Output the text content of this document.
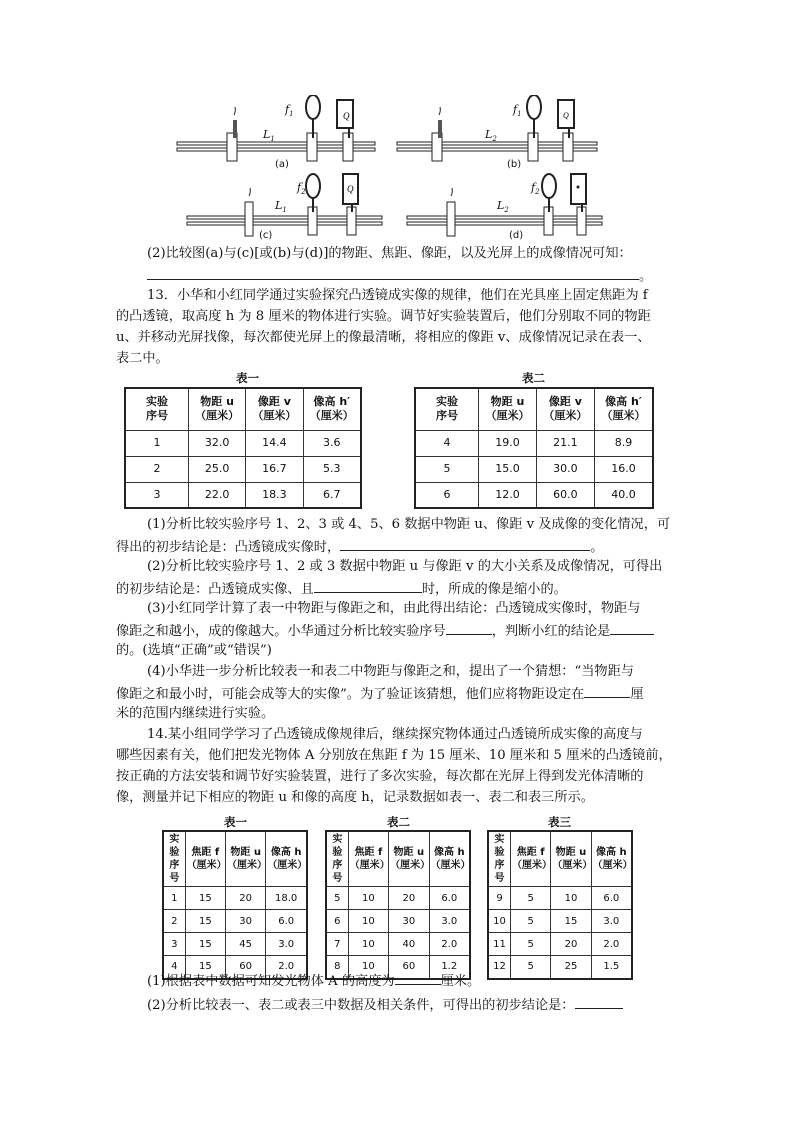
Q
$f_1$
$L_1$
(a)
Q
$f_1$
$L_2$
(b)
Q
$f_2$
$L_1$
(c)
$f_2$
$L_2$
(d)
(2)比较图(a)与(c)[或(b)与(d)]的物距、焦距、像距，以及光屏上的成像情况可知：
。
13．小华和小红同学通过实验探究凸透镜成实像的规律，他们在光具座上固定焦距为 f
的凸透镜，取高度 h 为 8 厘米的物体进行实验。调节好实验装置后，他们分别取不同的物距
u、并移动光屏找像，每次都使光屏上的像最清晰，将相应的像距 v、成像情况记录在表一、
表二中。
表一
实验
序号	物距 u
（厘米）	像距 v
（厘米）	像高 h′
（厘米）
1	32.0	14.4	3.6
2	25.0	16.7	5.3
3	22.0	18.3	6.7
表二
实验
序号	物距 u
（厘米）	像距 v
（厘米）	像高 h′
（厘米）
4	19.0	21.1	8.9
5	15.0	30.0	16.0
6	12.0	60.0	40.0
(1)分析比较实验序号 1、2、3 或 4、5、6 数据中物距 u、像距 v 及成像的变化情况，可
得出的初步结论是：凸透镜成实像时，	。
(2)分析比较实验序号 1、2 或 3 数据中物距 u 与像距 v 的大小关系及成像情况，可得出
的初步结论是：凸透镜成实像、且	时，所成的像是缩小的。
(3)小红同学计算了表一中物距与像距之和，由此得出结论：凸透镜成实像时，物距与
像距之和越小，成的像越大。小华通过分析比较实验序号	，判断小红的结论是
的。(选填“正确”或“错误”)
(4)小华进一步分析比较表一和表二中物距与像距之和，提出了一个猜想：“当物距与
像距之和最小时，可能会成等大的实像”。为了验证该猜想，他们应将物距设定在	厘
米的范围内继续进行实验。
14.某小组同学学习了凸透镜成像规律后，继续探究物体通过凸透镜所成实像的高度与
哪些因素有关，他们把发光物体 A 分别放在焦距 f 为 15 厘米、10 厘米和 5 厘米的凸透镜前，
按正确的方法安装和调节好实验装置，进行了多次实验，每次都在光屏上得到发光体清晰的
像，测量并记下相应的物距 u 和像的高度 h，记录数据如表一、表二和表三所示。
表一
实验
序号	焦距 f
（厘米）	物距 u
（厘米）	像高 h
（厘米）
1	15	20	18.0
2	15	30	6.0
3	15	45	3.0
4	15	60	2.0
表二
实验
序号	焦距 f
（厘米）	物距 u
（厘米）	像高 h
（厘米）
5	10	20	6.0
6	10	30	3.0
7	10	40	2.0
8	10	60	1.2
表三
实验
序号	焦距 f
（厘米）	物距 u
（厘米）	像高 h
（厘米）
9	5	10	6.0
10	5	15	3.0
11	5	20	2.0
12	5	25	1.5
(1)根据表中数据可知发光物体 A 的高度为	厘米。
(2)分析比较表一、表二或表三中数据及相关条件，可得出的初步结论是：
